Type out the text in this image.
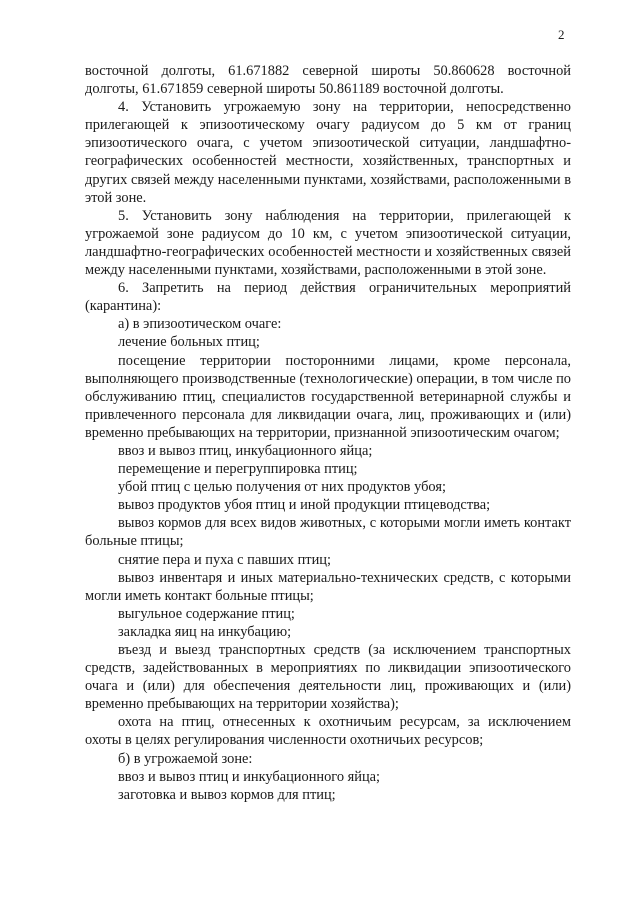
2

восточной долготы, 61.671882 северной широты 50.860628 восточной долготы, 61.671859 северной широты 50.861189 восточной долготы.

4. Установить угрожаемую зону на территории, непосредственно прилегающей к эпизоотическому очагу радиусом до 5 км от границ эпизоотического очага, с учетом эпизоотической ситуации, ландшафтно-географических особенностей местности, хозяйственных, транспортных и других связей между населенными пунктами, хозяйствами, расположенными в этой зоне.

5. Установить зону наблюдения на территории, прилегающей к угрожаемой зоне радиусом до 10 км, с учетом эпизоотической ситуации, ландшафтно-географических особенностей местности и хозяйственных связей между населенными пунктами, хозяйствами, расположенными в этой зоне.

6. Запретить на период действия ограничительных мероприятий (карантина):

а) в эпизоотическом очаге:

лечение больных птиц;

посещение территории посторонними лицами, кроме персонала, выполняющего производственные (технологические) операции, в том числе по обслуживанию птиц, специалистов государственной ветеринарной службы и привлеченного персонала для ликвидации очага, лиц, проживающих и (или) временно пребывающих на территории, признанной эпизоотическим очагом;

ввоз и вывоз птиц, инкубационного яйца;

перемещение и перегруппировка птиц;

убой птиц с целью получения от них продуктов убоя;

вывоз продуктов убоя птиц и иной продукции птицеводства;

вывоз кормов для всех видов животных, с которыми могли иметь контакт больные птицы;

снятие пера и пуха с павших птиц;

вывоз инвентаря и иных материально-технических средств, с которыми могли иметь контакт больные птицы;

выгульное содержание птиц;

закладка яиц на инкубацию;

въезд и выезд транспортных средств (за исключением транспортных средств, задействованных в мероприятиях по ликвидации эпизоотического очага и (или) для обеспечения деятельности лиц, проживающих и (или) временно пребывающих на территории хозяйства);

охота на птиц, отнесенных к охотничьим ресурсам, за исключением охоты в целях регулирования численности охотничьих ресурсов;

б) в угрожаемой зоне:

ввоз и вывоз птиц и инкубационного яйца;

заготовка и вывоз кормов для птиц;
